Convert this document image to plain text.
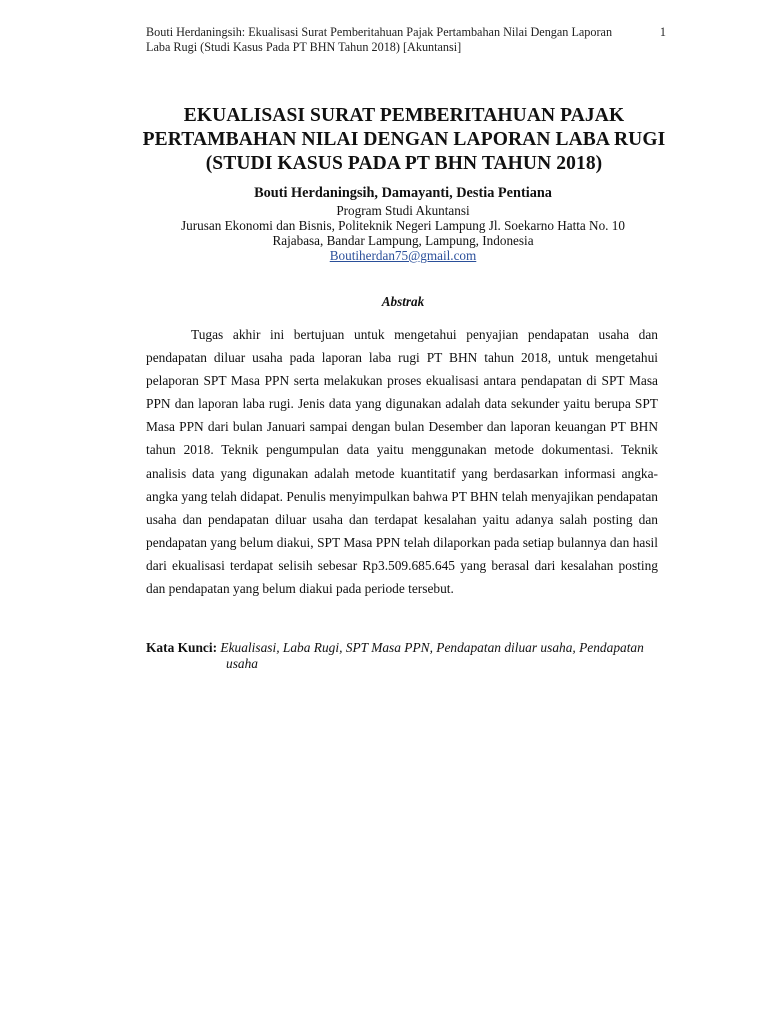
Bouti Herdaningsih: Ekualisasi Surat Pemberitahuan Pajak Pertambahan Nilai Dengan Laporan Laba Rugi (Studi Kasus Pada PT BHN Tahun 2018) [Akuntansi]
1
EKUALISASI SURAT PEMBERITAHUAN PAJAK PERTAMBAHAN NILAI DENGAN LAPORAN LABA RUGI (STUDI KASUS PADA PT BHN TAHUN 2018)
Bouti Herdaningsih, Damayanti, Destia Pentiana
Program Studi Akuntansi
Jurusan Ekonomi dan Bisnis, Politeknik Negeri Lampung Jl. Soekarno Hatta No. 10
Rajabasa, Bandar Lampung, Lampung, Indonesia
Boutiherdan75@gmail.com
Abstrak

Tugas akhir ini bertujuan untuk mengetahui penyajian pendapatan usaha dan pendapatan diluar usaha pada laporan laba rugi PT BHN tahun 2018, untuk mengetahui pelaporan SPT Masa PPN serta melakukan proses ekualisasi antara pendapatan di SPT Masa PPN dan laporan laba rugi. Jenis data yang digunakan adalah data sekunder yaitu berupa SPT Masa PPN dari bulan Januari sampai dengan bulan Desember dan laporan keuangan PT BHN tahun 2018. Teknik pengumpulan data yaitu menggunakan metode dokumentasi. Teknik analisis data yang digunakan adalah metode kuantitatif yang berdasarkan informasi angka-angka yang telah didapat. Penulis menyimpulkan bahwa PT BHN telah menyajikan pendapatan usaha dan pendapatan diluar usaha dan terdapat kesalahan yaitu adanya salah posting dan pendapatan yang belum diakui, SPT Masa PPN telah dilaporkan pada setiap bulannya dan hasil dari ekualisasi terdapat selisih sebesar Rp3.509.685.645 yang berasal dari kesalahan posting dan pendapatan yang belum diakui pada periode tersebut.

Kata Kunci: Ekualisasi, Laba Rugi, SPT Masa PPN, Pendapatan diluar usaha, Pendapatan usaha
